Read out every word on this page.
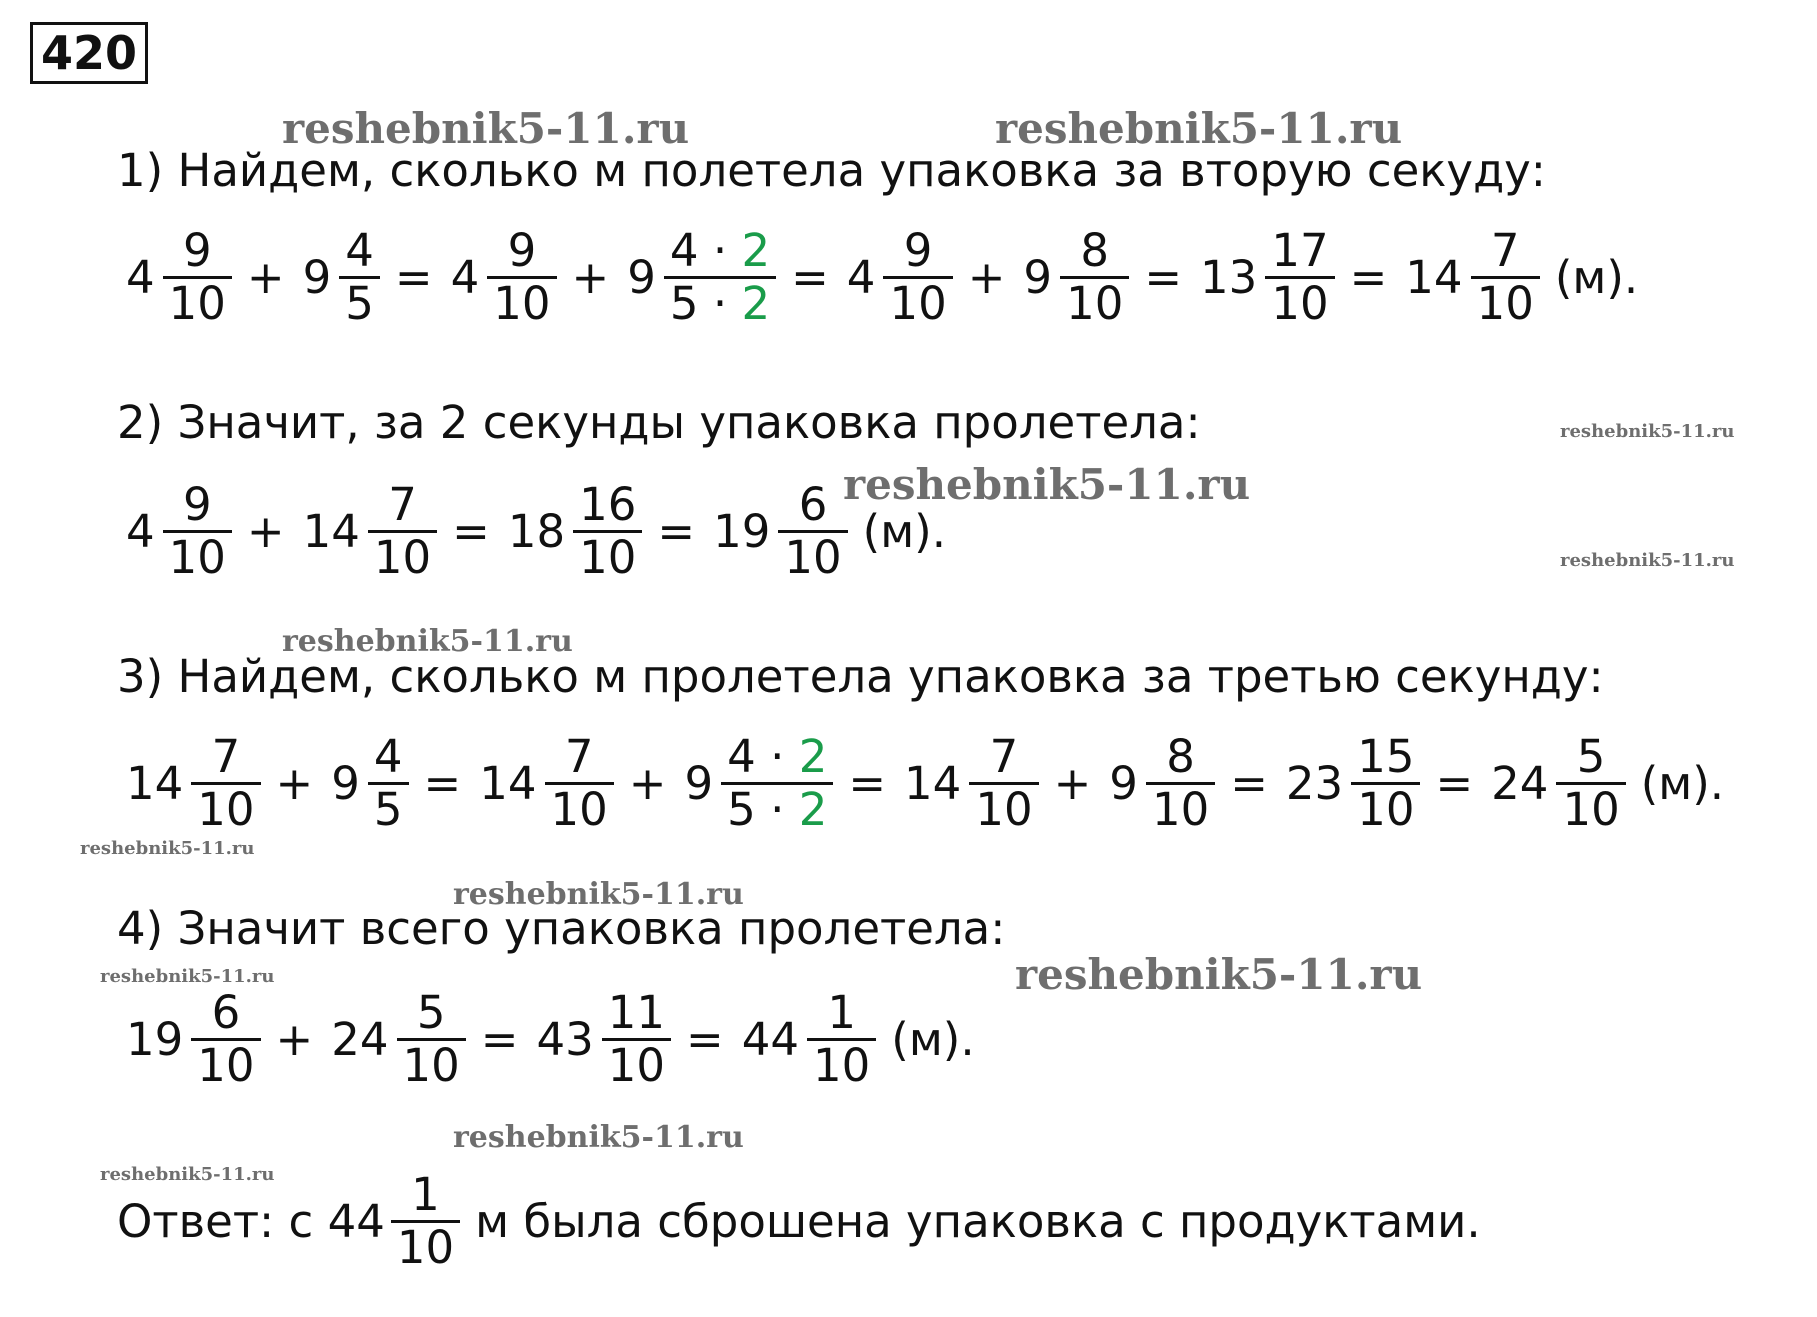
420
reshebnik5-11.ru	reshebnik5-11.ru
reshebnik5-11.ru
reshebnik5-11.ru
reshebnik5-11.ru
reshebnik5-11.ru
reshebnik5-11.ru
reshebnik5-11.ru
reshebnik5-11.ru	reshebnik5-11.ru
reshebnik5-11.ru
reshebnik5-11.ru
1) Найдем, сколько м полетела упаковка за вторую секуду:
$4 \frac{9}{10} + 9 \frac{4}{5} = 4 \frac{9}{10} + 9 \frac{4 \cdot 2}{5 \cdot 2} = 4 \frac{9}{10} + 9 \frac{8}{10} = 13 \frac{17}{10} = 14 \frac{7}{10} (м)$.
2) Значит, за 2 секунды упаковка пролетела:
$4 \frac{9}{10} + 14 \frac{7}{10} = 18 \frac{16}{10} = 19 \frac{6}{10} (м)$.
3) Найдем, сколько м пролетела упаковка за третью секунду:
$14 \frac{7}{10} + 9 \frac{4}{5} = 14 \frac{7}{10} + 9 \frac{4 \cdot 2}{5 \cdot 2} = 14 \frac{7}{10} + 9 \frac{8}{10} = 23 \frac{15}{10} = 24 \frac{5}{10} (м)$.
4) Значит всего упаковка пролетела:
$19 \frac{6}{10} + 24 \frac{5}{10} = 43 \frac{11}{10} = 44 \frac{1}{10} (м)$.
Ответ: с $44 \frac{1}{10}$ м была сброшена упаковка с продуктами.
